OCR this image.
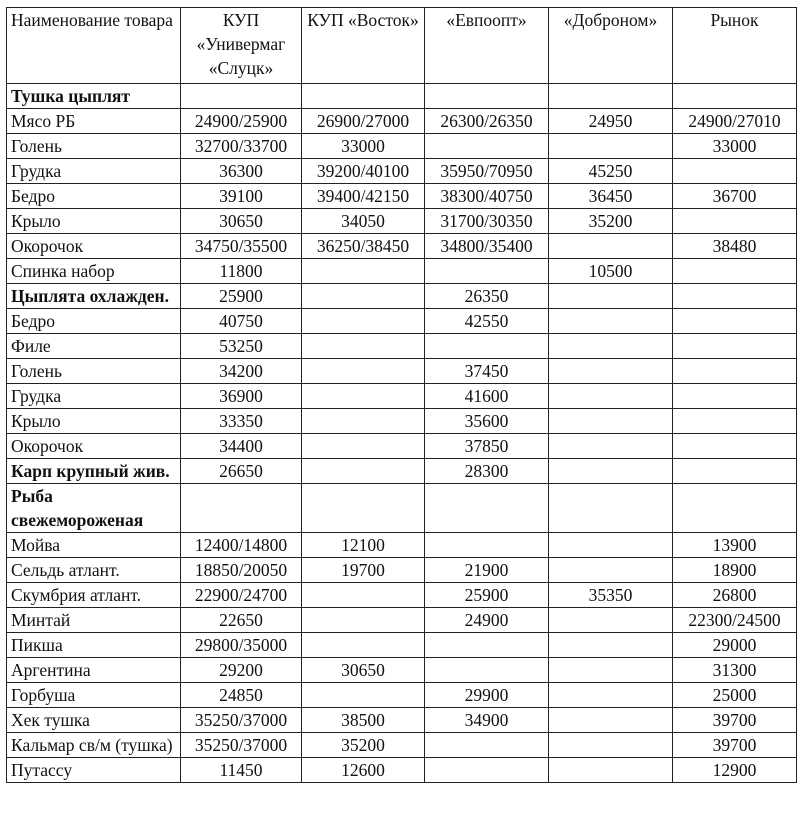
Наименование товара	КУП «Универмаг «Слуцк»	КУП «Восток»	«Евпоопт»	«Доброном»	Рынок
Тушка цыплят					
Мясо РБ	24900/25900	26900/27000	26300/26350	24950	24900/27010
Голень	32700/33700	33000			33000
Грудка	36300	39200/40100	35950/70950	45250	
Бедро	39100	39400/42150	38300/40750	36450	36700
Крыло	30650	34050	31700/30350	35200	
Окорочок	34750/35500	36250/38450	34800/35400		38480
Спинка набор	11800			10500	
Цыплята охлажден.	25900		26350		
Бедро	40750		42550		
Филе	53250				
Голень	34200		37450		
Грудка	36900		41600		
Крыло	33350		35600		
Окорочок	34400		37850		
Карп крупный жив.	26650		28300		
Рыба свежемороженая					
Мойва	12400/14800	12100			13900
Сельдь атлант.	18850/20050	19700	21900		18900
Скумбрия атлант.	22900/24700		25900	35350	26800
Минтай	22650		24900		22300/24500
Пикша	29800/35000				29000
Аргентина	29200	30650			31300
Горбуша	24850		29900		25000
Хек тушка	35250/37000	38500	34900		39700
Кальмар св/м (тушка)	35250/37000	35200			39700
Путассу	11450	12600			12900
